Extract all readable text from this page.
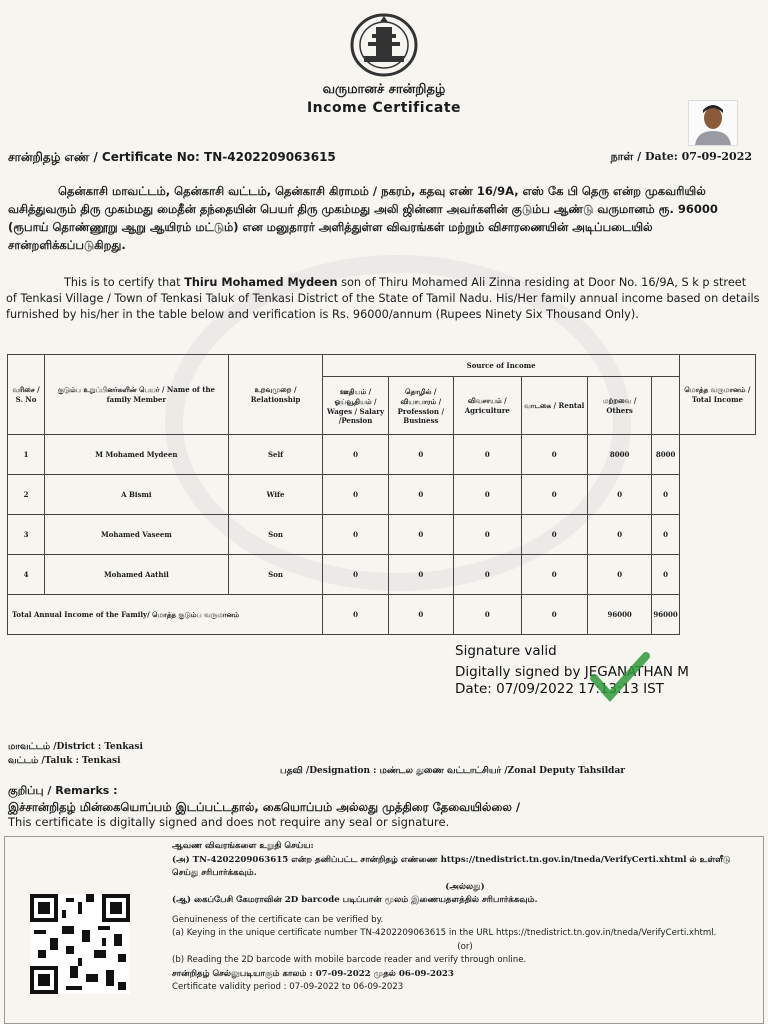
வருமானச் சான்றிதழ்
Income Certificate
சான்றிதழ் எண் / Certificate No: TN-4202209063615	நாள் / Date: 07-09-2022
தென்காசி மாவட்டம், தென்காசி வட்டம், தென்காசி கிராமம் / நகரம், கதவு எண் 16/9A, எஸ் கே பி தெரு என்ற முகவரியில் வசித்துவரும் திரு முகம்மது மைதீன் தந்தையின் பெயர் திரு முகம்மது அலி ஜின்னா அவர்களின் குடும்ப ஆண்டு வருமானம் ரூ. 96000 (ரூபாய் தொண்ணூறு ஆறு ஆயிரம் மட்டும்) என மனுதாரர் அளித்துள்ள விவரங்கள் மற்றும் விசாரணையின் அடிப்படையில் சான்றளிக்கப்படுகிறது.
This is to certify that Thiru Mohamed Mydeen son of Thiru Mohamed Ali Zinna residing at Door No. 16/9A, S k p street of Tenkasi Village / Town of Tenkasi Taluk of Tenkasi District of the State of Tamil Nadu. His/Her family annual income based on details furnished by his/her in the table below and verification is Rs. 96000/annum (Rupees Ninety Six Thousand Only).
வரிசை / S. No	குடும்ப உறுப்பினர்களின் பெயர் / Name of the family Member	உறவுமுறை / Relationship	Source of Income						மொத்த வருமானம் / Total Income
			ஊதியம் / ஓய்வூதியம் / Wages / Salary /Pension	தொழில் / வியாபாரம் / Profession / Business	விவசாயம் / Agriculture	வாடகை / Rental	மற்றவை / Others		
1	M Mohamed Mydeen	Self	0	0	0	0	8000	8000	
2	A Bismi	Wife	0	0	0	0	0	0	
3	Mohamed Vaseem	Son	0	0	0	0	0	0	
4	Mohamed Aathil	Son	0	0	0	0	0	0	
Total Annual Income of the Family/ மொத்த குடும்ப வருமானம்			0	0	0	0	96000	96000	
Signature valid
Digitally signed by JEGANATHAN M
Date: 07/09/2022 17:13:13 IST
மாவட்டம் /District : Tenkasi
வட்டம் /Taluk : Tenkasi
பதவி /Designation : மண்டல துணை வட்டாட்சியர் /Zonal Deputy Tahsildar
குறிப்பு / Remarks :
இச்சான்றிதழ் மின்கையொப்பம் இடப்பட்டதால், கையொப்பம் அல்லது முத்திரை தேவையில்லை /
This certificate is digitally signed and does not require any seal or signature.
ஆவண விவரங்களை உறுதி செய்ய:
(அ) TN-4202209063615 என்ற தனிப்பட்ட சான்றிதழ் எண்ணை https://tnedistrict.tn.gov.in/tneda/VerifyCerti.xhtml ல் உள்ளீடு செய்து சரிபார்க்கவும்.
(அல்லது)
(ஆ) கைப்பேசி கேமராவின் 2D barcode படிப்பான் மூலம் இணையதளத்தில் சரிபார்க்கவும்.
Genuineness of the certificate can be verified by.
(a) Keying in the unique certificate number TN-4202209063615 in the URL https://tnedistrict.tn.gov.in/tneda/VerifyCerti.xhtml.
(or)
(b) Reading the 2D barcode with mobile barcode reader and verify through online.
சான்றிதழ் செல்லுபடியாகும் காலம் : 07-09-2022 முதல் 06-09-2023
Certificate validity period : 07-09-2022 to 06-09-2023
